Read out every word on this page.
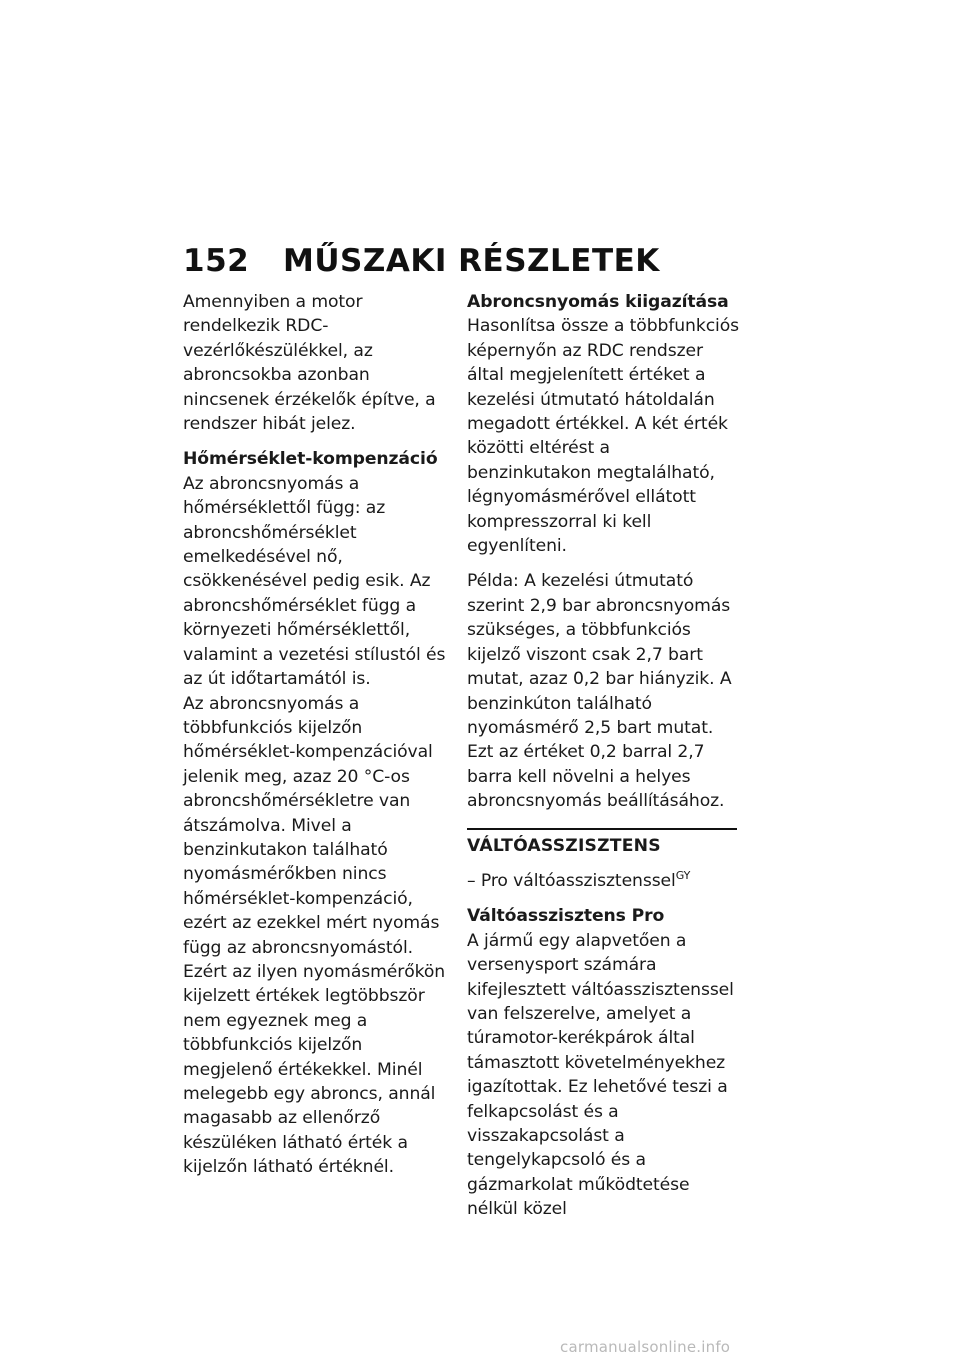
152 MŰSZAKI RÉSZLETEK

Amennyiben a motor rendelkezik RDC-vezérlőkészülékkel, az abroncsokba azonban nincsenek érzékelők építve, a rendszer hibát jelez.

Hőmérséklet-kompenzáció

Az abroncsnyomás a hőmérséklettől függ: az abroncshőmérséklet emelkedésével nő, csökkenésével pedig esik. Az abroncshőmérséklet függ a környezeti hőmérséklettől, valamint a vezetési stílustól és az út időtartamától is.

Az abroncsnyomás a többfunkciós kijelzőn hőmérséklet-kompenzációval jelenik meg, azaz 20 °C-os abroncshőmérsékletre van átszámolva. Mivel a benzinkutakon található nyomásmérőkben nincs hőmérséklet-kompenzáció, ezért az ezekkel mért nyomás függ az abroncsnyomástól. Ezért az ilyen nyomásmérőkön kijelzett értékek legtöbbször nem egyeznek meg a többfunkciós kijelzőn megjelenő értékekkel. Minél melegebb egy abroncs, annál magasabb az ellenőrző készüléken látható érték a kijelzőn látható értéknél.

Abroncsnyomás kiigazítása

Hasonlítsa össze a többfunkciós képernyőn az RDC rendszer által megjelenített értéket a kezelési útmutató hátoldalán megadott értékkel. A két érték közötti eltérést a benzinkutakon megtalálható, légnyomásmérővel ellátott kompresszorral ki kell egyenlíteni.

Példa: A kezelési útmutató szerint 2,9 bar abroncsnyomás szükséges, a többfunkciós kijelző viszont csak 2,7 bart mutat, azaz 0,2 bar hiányzik. A benzinkúton található nyomásmérő 2,5 bart mutat. Ezt az értéket 0,2 barral 2,7 barra kell növelni a helyes abroncsnyomás beállításához.

VÁLTÓASSZISZTENS

– Pro váltóasszisztenssel$^{GY}$

Váltóasszisztens Pro

A jármű egy alapvetően a versenysport számára kifejlesztett váltóasszisztenssel van felszerelve, amelyet a túramotor-kerékpárok által támasztott követelményekhez igazítottak. Ez lehetővé teszi a felkapcsolást és a visszakapcsolást a tengelykapcsoló és a gázmarkolat működtetése nélkül közel

carmanualsonline.info
